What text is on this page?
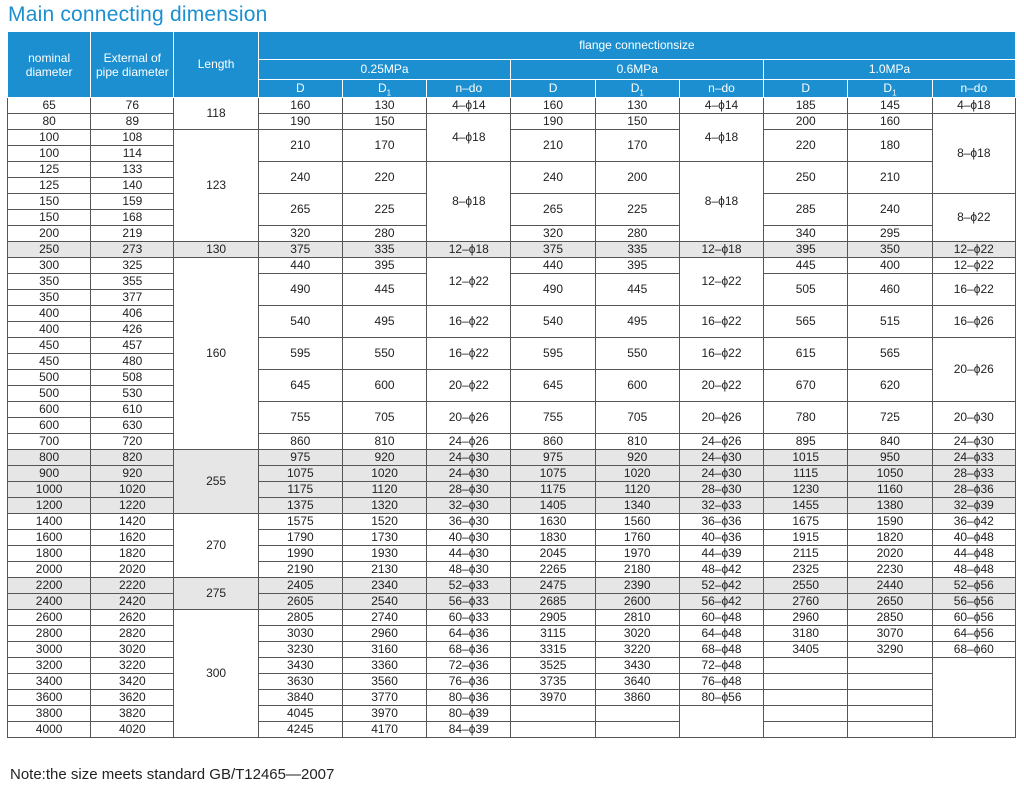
Main connecting dimension
nominal diameter	External of pipe diameter	Length	flange connectionsize								
			0.25MPa			0.6MPa			1.0MPa		
			D	$D_1$	n–do	D	$D_1$	n–do	D	$D_1$	n–do
65	76	118	160	130	4–ϕ14	160	130	4–ϕ14	185	145	4–ϕ18
80	89		190	150	4–ϕ18	190	150	4–ϕ18	200	160	8–ϕ18
100	108	123	210	170		210	170		220	180	
100	114										
125	133		240	220	8–ϕ18	240	200	8–ϕ18	250	210	
125	140										
150	159		265	225		265	225		285	240	8–ϕ22
150	168										
200	219		320	280		320	280		340	295	
250	273	130	375	335	12–ϕ18	375	335	12–ϕ18	395	350	12–ϕ22
300	325	160	440	395	12–ϕ22	440	395	12–ϕ22	445	400	12–ϕ22
350	355		490	445		490	445		505	460	16–ϕ22
350	377										
400	406		540	495	16–ϕ22	540	495	16–ϕ22	565	515	16–ϕ26
400	426										
450	457		595	550	16–ϕ22	595	550	16–ϕ22	615	565	20–ϕ26
450	480										
500	508		645	600	20–ϕ22	645	600	20–ϕ22	670	620	
500	530										
600	610		755	705	20–ϕ26	755	705	20–ϕ26	780	725	20–ϕ30
600	630										
700	720		860	810	24–ϕ26	860	810	24–ϕ26	895	840	24–ϕ30
800	820	255	975	920	24–ϕ30	975	920	24–ϕ30	1015	950	24–ϕ33
900	920		1075	1020	24–ϕ30	1075	1020	24–ϕ30	1115	1050	28–ϕ33
1000	1020		1175	1120	28–ϕ30	1175	1120	28–ϕ30	1230	1160	28–ϕ36
1200	1220		1375	1320	32–ϕ30	1405	1340	32–ϕ33	1455	1380	32–ϕ39
1400	1420	270	1575	1520	36–ϕ30	1630	1560	36–ϕ36	1675	1590	36–ϕ42
1600	1620		1790	1730	40–ϕ30	1830	1760	40–ϕ36	1915	1820	40–ϕ48
1800	1820		1990	1930	44–ϕ30	2045	1970	44–ϕ39	2115	2020	44–ϕ48
2000	2020		2190	2130	48–ϕ30	2265	2180	48–ϕ42	2325	2230	48–ϕ48
2200	2220	275	2405	2340	52–ϕ33	2475	2390	52–ϕ42	2550	2440	52–ϕ56
2400	2420		2605	2540	56–ϕ33	2685	2600	56–ϕ42	2760	2650	56–ϕ56
2600	2620	300	2805	2740	60–ϕ33	2905	2810	60–ϕ48	2960	2850	60–ϕ56
2800	2820		3030	2960	64–ϕ36	3115	3020	64–ϕ48	3180	3070	64–ϕ56
3000	3020		3230	3160	68–ϕ36	3315	3220	68–ϕ48	3405	3290	68–ϕ60
3200	3220		3430	3360	72–ϕ36	3525	3430	72–ϕ48			
3400	3420		3630	3560	76–ϕ36	3735	3640	76–ϕ48			
3600	3620		3840	3770	80–ϕ36	3970	3860	80–ϕ56			
3800	3820		4045	3970	80–ϕ39						
4000	4020		4245	4170	84–ϕ39						
Note:the size meets standard GB/T12465—2007
